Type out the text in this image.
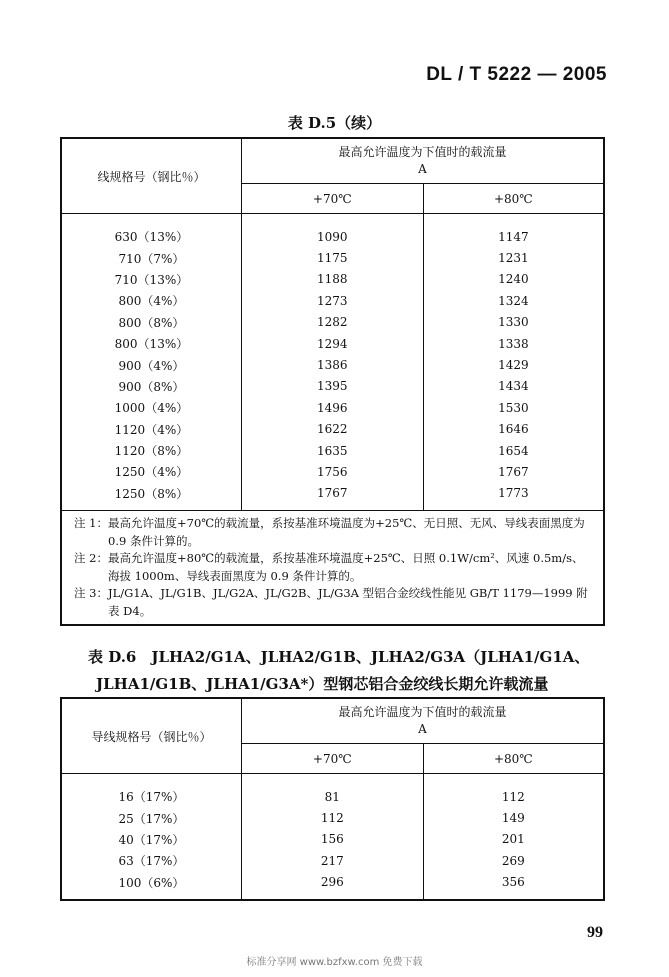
DL / T 5222 — 2005
表 D.5（续）
线规格号（钢比％）	最高允许温度为下值时的载流量
A	

	+70℃	+80℃

630（13%）	1090	1147
710（7%）	1175	1231
710（13%）	1188	1240
800（4%）	1273	1324
800（8%）	1282	1330
800（13%）	1294	1338
900（4%）	1386	1429
900（8%）	1395	1434
1000（4%）	1496	1530
1120（4%）	1622	1646
1120（8%）	1635	1654
1250（4%）	1756	1767
1250（8%）	1767	1773
注 1： 最高允许温度+70℃的载流量，系按基准环境温度为+25℃、无日照、无风、导线表面黑度为 0.9 条件计算的。
注 2： 最高允许温度+80℃的载流量，系按基准环境温度+25℃、日照 0.1W/cm²、风速 0.5m/s、海拔 1000m、导线表面黑度为 0.9 条件计算的。
注 3： JL/G1A、JL/G1B、JL/G2A、JL/G2B、JL/G3A 型铝合金绞线性能见 GB/T 1179—1999 附表 D4。
表 D.6　JLHA2/G1A、JLHA2/G1B、JLHA2/G3A（JLHA1/G1A、
JLHA1/G1B、JLHA1/G3A*）型钢芯铝合金绞线长期允许载流量
导线规格号（钢比％）	最高允许温度为下值时的载流量
A	

	+70℃	+80℃

16（17%）	81	112
25（17%）	112	149
40（17%）	156	201
63（17%）	217	269
100（6%）	296	356
99
标准分享网 www.bzfxw.com 免费下载
